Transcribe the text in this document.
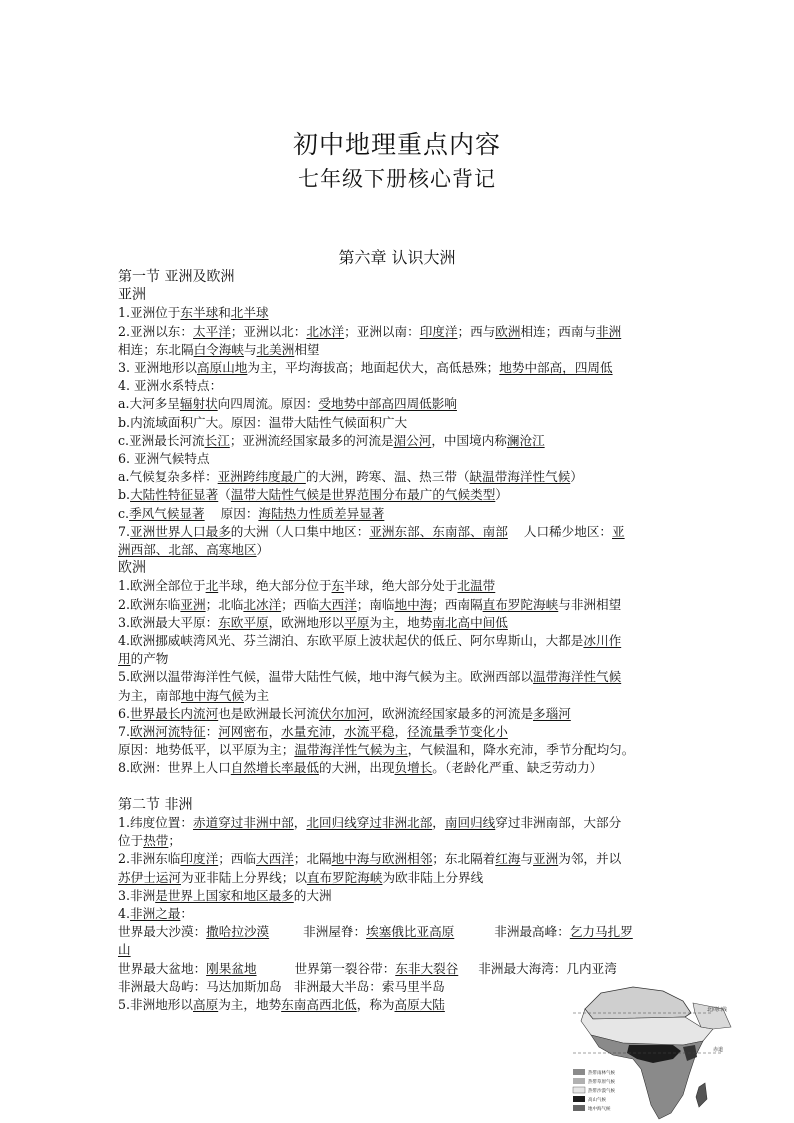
初中地理重点内容
七年级下册核心背记
第六章 认识大洲

第一节 亚洲及欧洲

亚洲

1.亚洲位于东半球和北半球

2.亚洲以东：太平洋；亚洲以北：北冰洋；亚洲以南：印度洋；西与欧洲相连；西南与非洲

相连；东北隔白令海峡与北美洲相望

3. 亚洲地形以高原山地为主，平均海拔高；地面起伏大，高低悬殊；地势中部高，四周低

4. 亚洲水系特点：

a.大河多呈辐射状向四周流。原因：受地势中部高四周低影响

b.内流域面积广大。原因：温带大陆性气候面积广大

c.亚洲最长河流长江；亚洲流经国家最多的河流是湄公河，中国境内称澜沧江

6. 亚洲气候特点

a.气候复杂多样：亚洲跨纬度最广的大洲，跨寒、温、热三带（缺温带海洋性气候）

b.大陆性特征显著（温带大陆性气候是世界范围分布最广的气候类型）

c.季风气候显著    原因：海陆热力性质差异显著

7.亚洲世界人口最多的大洲（人口集中地区：亚洲东部、东南部、南部    人口稀少地区：亚

洲西部、北部、高寒地区）

欧洲

1.欧洲全部位于北半球，绝大部分位于东半球，绝大部分处于北温带

2.欧洲东临亚洲；北临北冰洋；西临大西洋；南临地中海；西南隔直布罗陀海峡与非洲相望

3.欧洲最大平原：东欧平原，欧洲地形以平原为主，地势南北高中间低

4.欧洲挪威峡湾风光、芬兰湖泊、东欧平原上波状起伏的低丘、阿尔卑斯山，大都是冰川作

用的产物

5.欧洲以温带海洋性气候，温带大陆性气候，地中海气候为主。欧洲西部以温带海洋性气候

为主，南部地中海气候为主

6.世界最长内流河也是欧洲最长河流伏尔加河，欧洲流经国家最多的河流是多瑙河

7.欧洲河流特征：河网密布，水量充沛，水流平稳，径流量季节变化小

原因：地势低平，以平原为主；温带海洋性气候为主，气候温和，降水充沛，季节分配均匀。

8.欧洲：世界上人口自然增长率最低的大洲，出现负增长。（老龄化严重、缺乏劳动力）

第二节 非洲

1.纬度位置：赤道穿过非洲中部，北回归线穿过非洲北部，南回归线穿过非洲南部，大部分

位于热带；

2.非洲东临印度洋；西临大西洋；北隔地中海与欧洲相邻；东北隔着红海与亚洲为邻，并以

苏伊士运河为亚非陆上分界线；以直布罗陀海峡为欧非陆上分界线

3.非洲是世界上国家和地区最多的大洲

4.非洲之最：

世界最大沙漠：撒哈拉沙漠	非洲屋脊：埃塞俄比亚高原	非洲最高峰：乞力马扎罗

山

世界最大盆地：刚果盆地	世界第一裂谷带：东非大裂谷 非洲最大海湾：几内亚湾

非洲最大岛屿：马达加斯加岛   非洲最大半岛：索马里半岛

5.非洲地形以高原为主，地势东南高西北低，称为高原大陆	北回归线
赤道
热带雨林气候
热带草原气候
热带沙漠气候
高山气候
地中海气候
